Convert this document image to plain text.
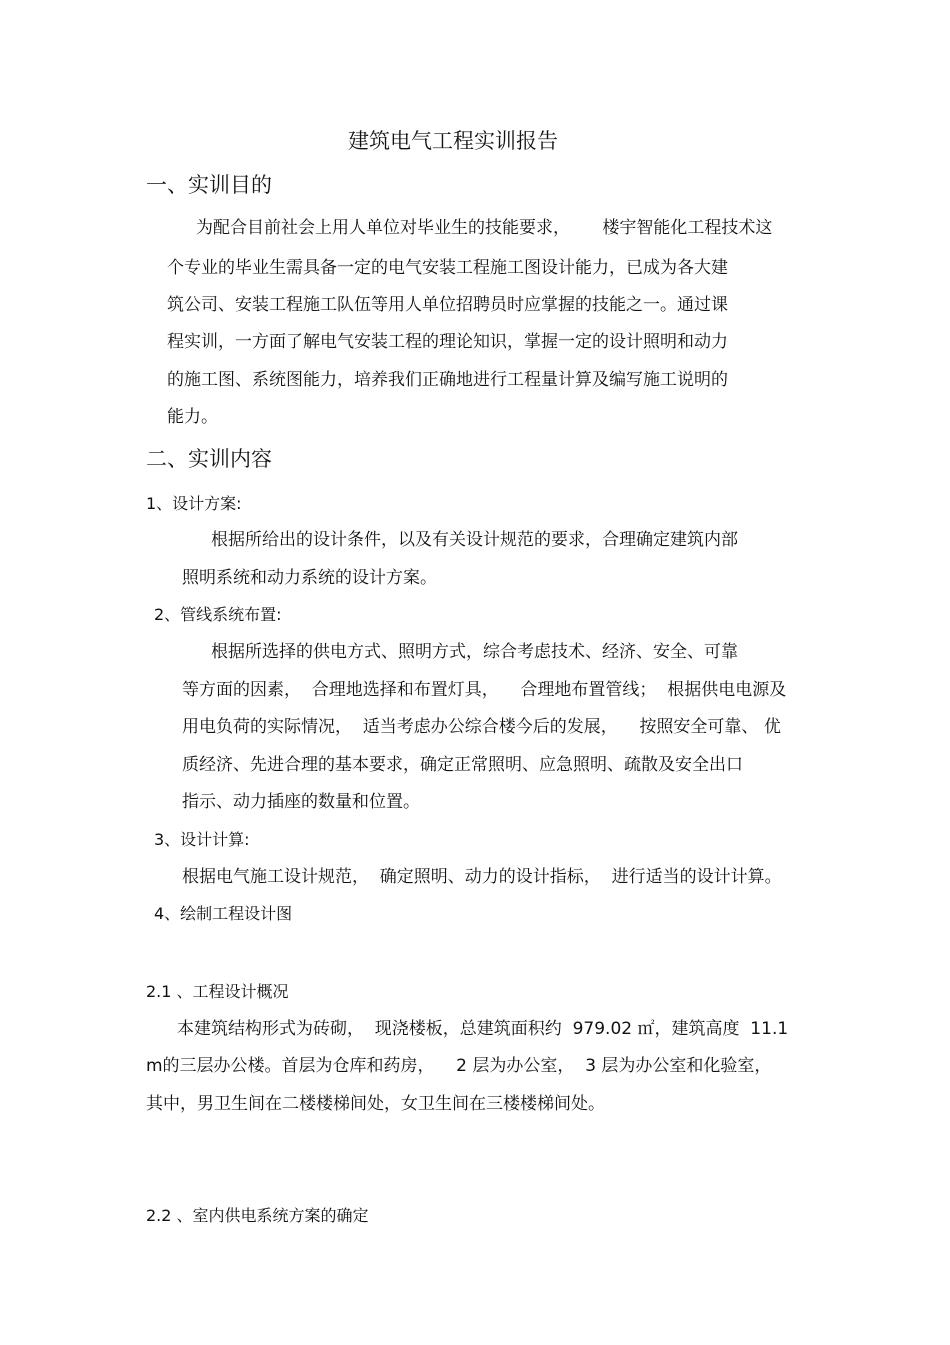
建筑电气工程实训报告
一、实训目的
为配合目前社会上用人单位对毕业生的技能要求，      楼宇智能化工程技术这
个专业的毕业生需具备一定的电气安装工程施工图设计能力，已成为各大建
筑公司、安装工程施工队伍等用人单位招聘员时应掌握的技能之一。通过课
程实训，一方面了解电气安装工程的理论知识，掌握一定的设计照明和动力
的施工图、系统图能力，培养我们正确地进行工程量计算及编写施工说明的
能力。
二、实训内容
1、设计方案:
根据所给出的设计条件，以及有关设计规范的要求，合理确定建筑内部
照明系统和动力系统的设计方案。
2、管线系统布置:
根据所选择的供电方式、照明方式，综合考虑技术、经济、安全、可靠
等方面的因素，  合理地选择和布置灯具，    合理地布置管线；  根据供电电源及
用电负荷的实际情况，  适当考虑办公综合楼今后的发展，    按照安全可靠、 优
质经济、先进合理的基本要求，确定正常照明、应急照明、疏散及安全出口
指示、动力插座的数量和位置。
3、设计计算:
根据电气施工设计规范，  确定照明、动力的设计指标，  进行适当的设计计算。
4、绘制工程设计图
2.1 、工程设计概况
本建筑结构形式为砖砌，  现浇楼板，总建筑面积约  979.02 ㎡，建筑高度  11.1
m的三层办公楼。首层为仓库和药房，    2 层为办公室，  3 层为办公室和化验室，
其中，男卫生间在二楼楼梯间处，女卫生间在三楼楼梯间处。
2.2 、室内供电系统方案的确定
